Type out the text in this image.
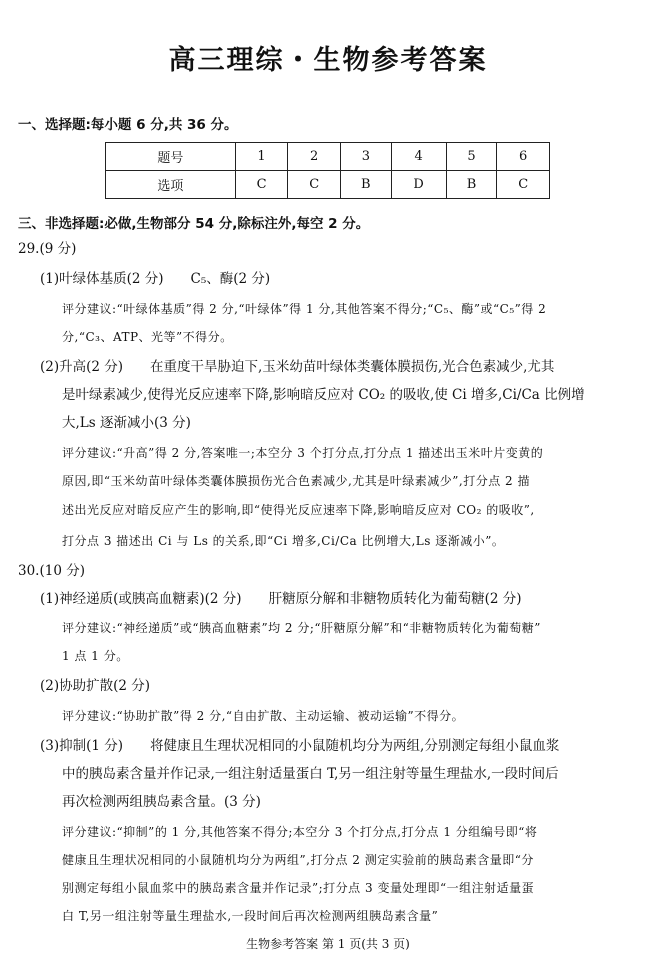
高三理综・生物参考答案
一、选择题:每小题 6 分,共 36 分。
题号	1	2	3	4	5	6
选项	C	C	B	D	B	C
三、非选择题:必做,生物部分 54 分,除标注外,每空 2 分。
29.(9 分)
(1)叶绿体基质(2 分)　　C₅、酶(2 分)
评分建议:“叶绿体基质”得 2 分,“叶绿体”得 1 分,其他答案不得分;“C₅、酶”或“C₅”得 2
分,“C₃、ATP、光等”不得分。
(2)升高(2 分)　　在重度干旱胁迫下,玉米幼苗叶绿体类囊体膜损伤,光合色素减少,尤其
是叶绿素减少,使得光反应速率下降,影响暗反应对 CO₂ 的吸收,使 Ci 增多,Ci/Ca 比例增
大,Ls 逐渐减小(3 分)
评分建议:“升高”得 2 分,答案唯一;本空分 3 个打分点,打分点 1 描述出玉米叶片变黄的
原因,即“玉米幼苗叶绿体类囊体膜损伤光合色素减少,尤其是叶绿素减少”,打分点 2 描
述出光反应对暗反应产生的影响,即“使得光反应速率下降,影响暗反应对 CO₂ 的吸收”,
打分点 3 描述出 Ci 与 Ls 的关系,即“Ci 增多,Ci/Ca 比例增大,Ls 逐渐减小”。
30.(10 分)
(1)神经递质(或胰高血糖素)(2 分)　　肝糖原分解和非糖物质转化为葡萄糖(2 分)
评分建议:“神经递质”或“胰高血糖素”均 2 分;“肝糖原分解”和“非糖物质转化为葡萄糖”
1 点 1 分。
(2)协助扩散(2 分)
评分建议:“协助扩散”得 2 分,“自由扩散、主动运输、被动运输”不得分。
(3)抑制(1 分)　　将健康且生理状况相同的小鼠随机均分为两组,分别测定每组小鼠血浆
中的胰岛素含量并作记录,一组注射适量蛋白 T,另一组注射等量生理盐水,一段时间后
再次检测两组胰岛素含量。(3 分)
评分建议:“抑制”的 1 分,其他答案不得分;本空分 3 个打分点,打分点 1 分组编号即“将
健康且生理状况相同的小鼠随机均分为两组”,打分点 2 测定实验前的胰岛素含量即“分
别测定每组小鼠血浆中的胰岛素含量并作记录”;打分点 3 变量处理即“一组注射适量蛋
白 T,另一组注射等量生理盐水,一段时间后再次检测两组胰岛素含量”
生物参考答案 第 1 页(共 3 页)
